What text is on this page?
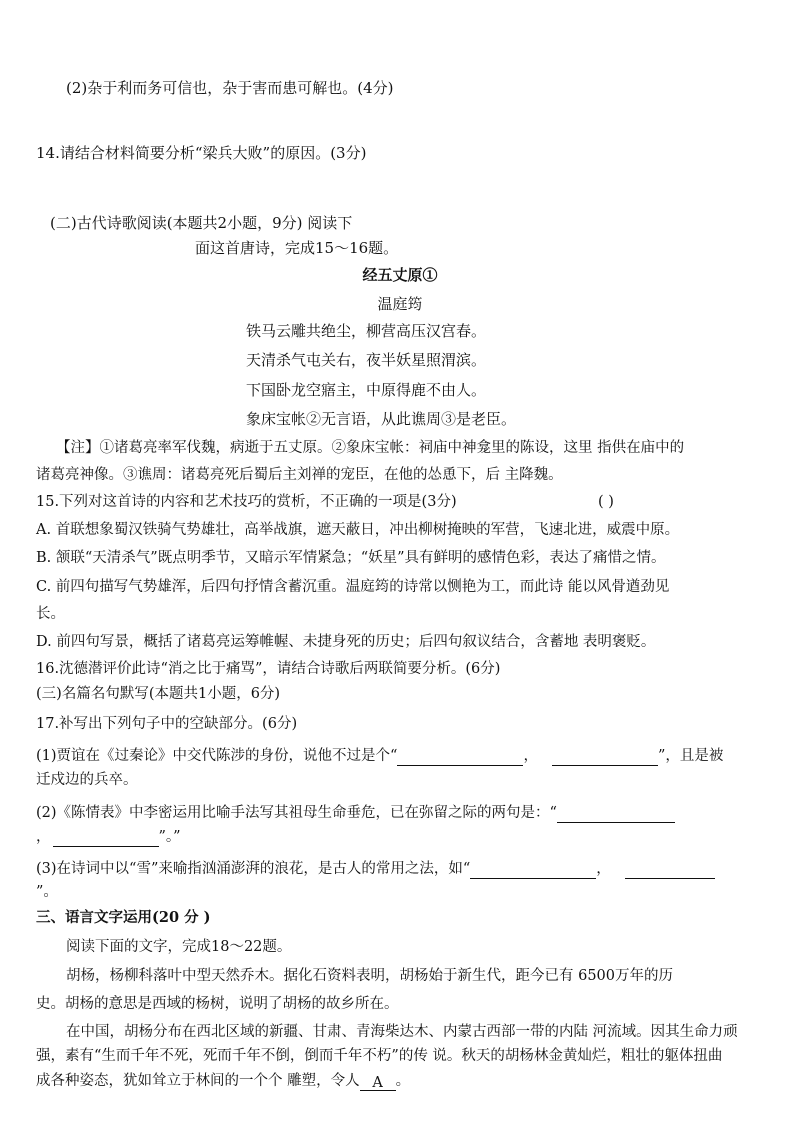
(2)杂于利而务可信也，杂于害而患可解也。(4分)
14.请结合材料简要分析“梁兵大败”的原因。(3分)
(二)古代诗歌阅读(本题共2小题，9分) 阅读下
面这首唐诗，完成15～16题。
经五丈原①
温庭筠
铁马云雕共绝尘，柳营高压汉宫春。
天清杀气屯关右，夜半妖星照渭滨。
下国卧龙空寤主，中原得鹿不由人。
象床宝帐②无言语，从此谯周③是老臣。
【注】①诸葛亮率军伐魏，病逝于五丈原。②象床宝帐：祠庙中神龛里的陈设，这里 指供在庙中的
诸葛亮神像。③谯周：诸葛亮死后蜀后主刘禅的宠臣，在他的怂恿下，后 主降魏。
15.下列对这首诗的内容和艺术技巧的赏析，不正确的一项是(3分)	( )
A. 首联想象蜀汉铁骑气势雄壮，高举战旗，遮天蔽日，冲出柳树掩映的军营，飞速北进，威震中原。
B. 颔联“天清杀气”既点明季节，又暗示军情紧急；“妖星”具有鲜明的感情色彩，表达了痛惜之情。
C. 前四句描写气势雄浑，后四句抒情含蓄沉重。温庭筠的诗常以恻艳为工，而此诗 能以风骨遒劲见
长。
D. 前四句写景，概括了诸葛亮运筹帷幄、未捷身死的历史；后四句叙议结合，含蓄地 表明褒贬。
16.沈德潜评价此诗“消之比于痛骂”，请结合诗歌后两联简要分析。(6分)
(三)名篇名句默写(本题共1小题，6分)
17.补写出下列句子中的空缺部分。(6分)
(1)贾谊在《过秦论》中交代陈涉的身份，说他不过是个“	，	”，且是被
迁戍边的兵卒。
(2)《陈情表》中李密运用比喻手法写其祖母生命垂危，已在弥留之际的两句是：“
，	”。”
(3)在诗词中以“雪”来喻指汹涌澎湃的浪花，是古人的常用之法，如“	，
”。
三、语言文字运用(20 分 )
阅读下面的文字，完成18～22题。
胡杨，杨柳科落叶中型天然乔木。据化石资料表明，胡杨始于新生代，距今已有 6500万年的历
史。胡杨的意思是西域的杨树，说明了胡杨的故乡所在。
在中国，胡杨分布在西北区域的新疆、甘肃、青海柴达木、内蒙古西部一带的内陆 河流域。因其生命力顽
强，素有“生而千年不死，死而千年不倒，倒而千年不朽”的传 说。秋天的胡杨林金黄灿烂，粗壮的躯体扭曲
成各种姿态，犹如耸立于林间的一个个 雕塑，令人 A 。
